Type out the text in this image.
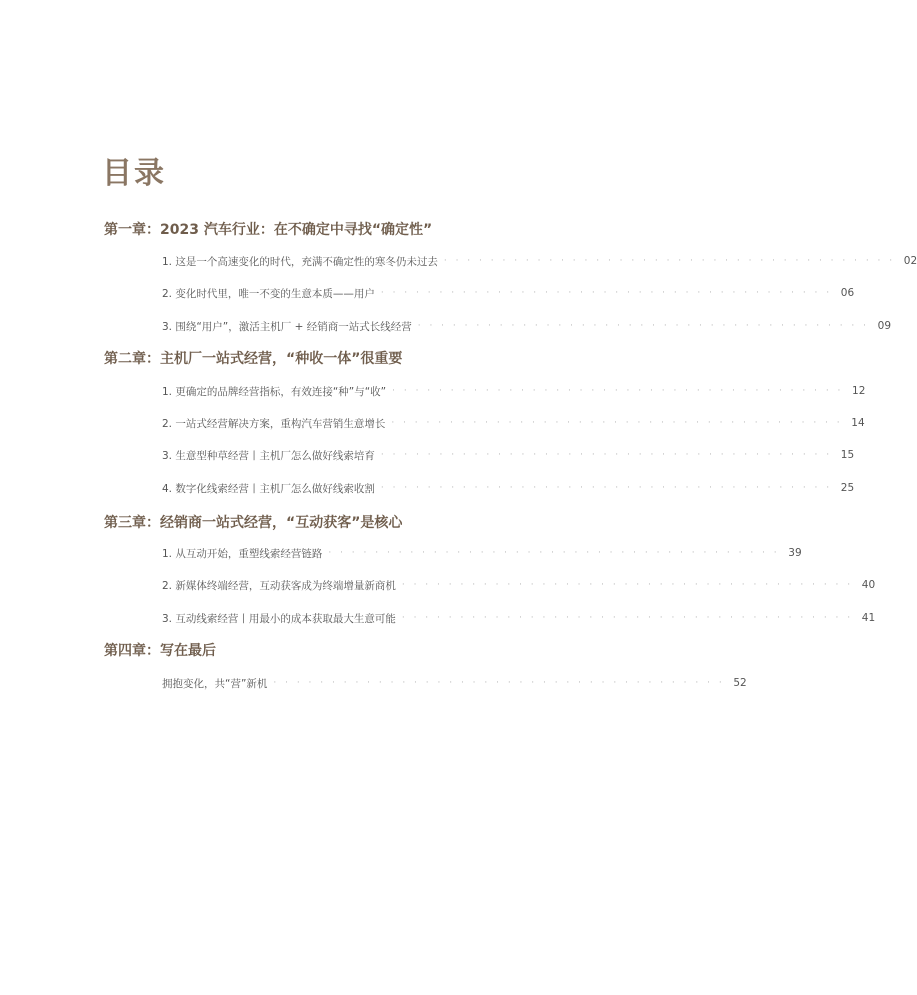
目录
第一章：2023 汽车行业：在不确定中寻找“确定性”
1. 这是一个高速变化的时代，充满不确定性的寒冬仍未过去 · · · · · · · · · · · · · · · · · · · · · · · · · · · · · · · · · · · · · · · 02
2. 变化时代里，唯一不变的生意本质——用户 · · · · · · · · · · · · · · · · · · · · · · · · · · · · · · · · · · · · · · · 06
3. 围绕“用户”，激活主机厂 + 经销商一站式长线经营 · · · · · · · · · · · · · · · · · · · · · · · · · · · · · · · · · · · · · · · 09
第二章：主机厂一站式经营，“种收一体”很重要
1. 更确定的品牌经营指标，有效连接“种”与“收” · · · · · · · · · · · · · · · · · · · · · · · · · · · · · · · · · · · · · · · 12
2. 一站式经营解决方案，重构汽车营销生意增长 · · · · · · · · · · · · · · · · · · · · · · · · · · · · · · · · · · · · · · · 14
3. 生意型种草经营丨主机厂怎么做好线索培育 · · · · · · · · · · · · · · · · · · · · · · · · · · · · · · · · · · · · · · · 15
4. 数字化线索经营丨主机厂怎么做好线索收割 · · · · · · · · · · · · · · · · · · · · · · · · · · · · · · · · · · · · · · · 25
第三章：经销商一站式经营，“互动获客”是核心
1. 从互动开始，重塑线索经营链路 · · · · · · · · · · · · · · · · · · · · · · · · · · · · · · · · · · · · · · · 39
2. 新媒体终端经营，互动获客成为终端增量新商机 · · · · · · · · · · · · · · · · · · · · · · · · · · · · · · · · · · · · · · · 40
3. 互动线索经营丨用最小的成本获取最大生意可能 · · · · · · · · · · · · · · · · · · · · · · · · · · · · · · · · · · · · · · · 41
第四章：写在最后
拥抱变化，共“营”新机 · · · · · · · · · · · · · · · · · · · · · · · · · · · · · · · · · · · · · · · 52
